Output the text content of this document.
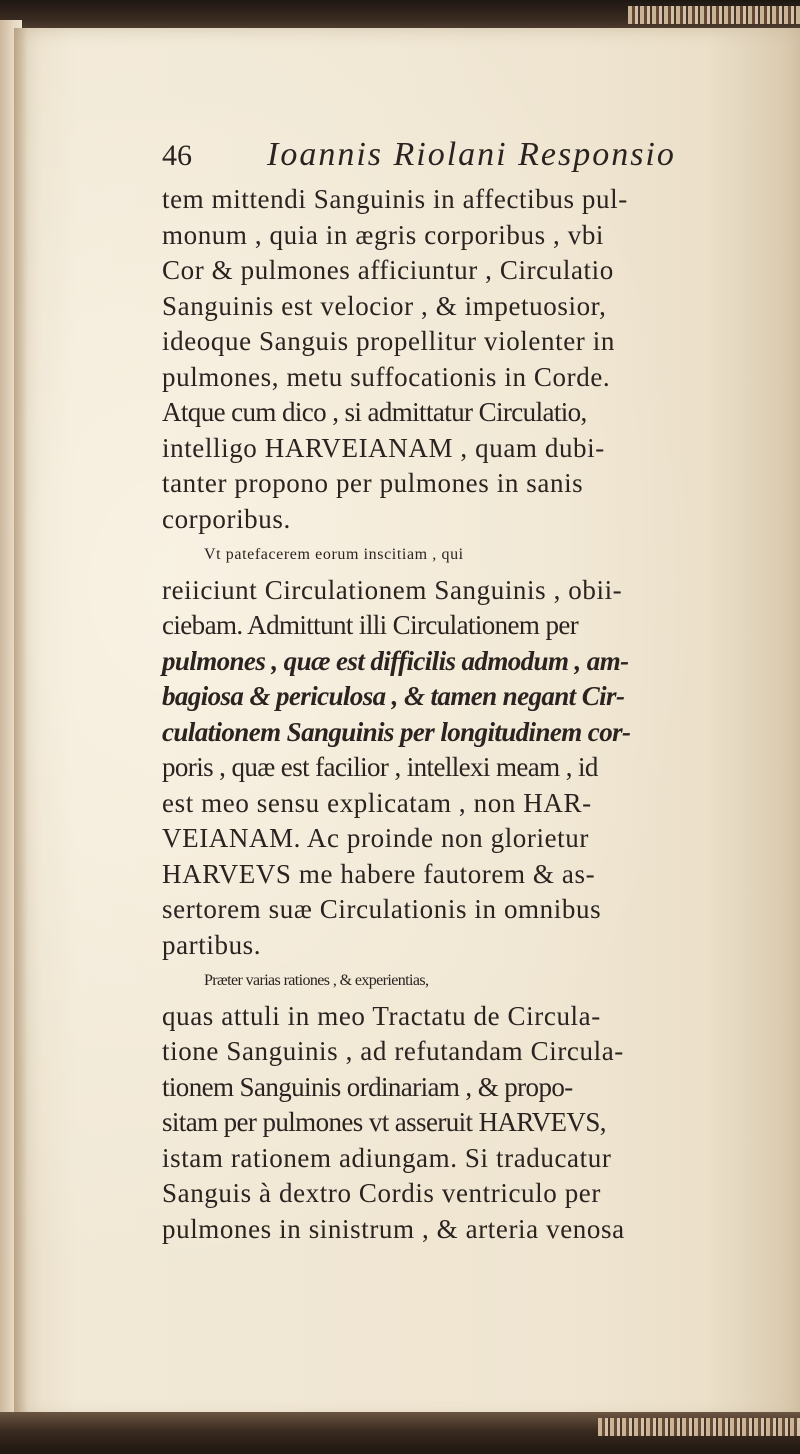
46	Ioannis Riolani Responsio
tem mittendi Sanguinis in affectibus pul-
monum , quia in ægris corporibus , vbi
Cor & pulmones afficiuntur , Circulatio
Sanguinis est velocior , & impetuosior,
ideoque Sanguis propellitur violenter in
pulmones, metu suffocationis in Corde.
Atque cum dico , si admittatur Circulatio,
intelligo HARVEIANAM , quam dubi-
tanter propono per pulmones in sanis
corporibus.
Vt patefacerem eorum inscitiam , qui
reiiciunt Circulationem Sanguinis , obii-
ciebam. Admittunt illi Circulationem per
pulmones , quæ est difficilis admodum , am-
bagiosa & periculosa , & tamen negant Cir-
culationem Sanguinis per longitudinem cor-
poris , quæ est facilior , intellexi meam , id
est meo sensu explicatam , non HAR-
VEIANAM. Ac proinde non glorietur
HARVEVS me habere fautorem & as-
sertorem suæ Circulationis in omnibus
partibus.
Præter varias rationes , & experientias,
quas attuli in meo Tractatu de Circula-
tione Sanguinis , ad refutandam Circula-
tionem Sanguinis ordinariam , & propo-
sitam per pulmones vt asseruit HARVEVS,
istam rationem adiungam. Si traducatur
Sanguis à dextro Cordis ventriculo per
pulmones in sinistrum , & arteria venosa
